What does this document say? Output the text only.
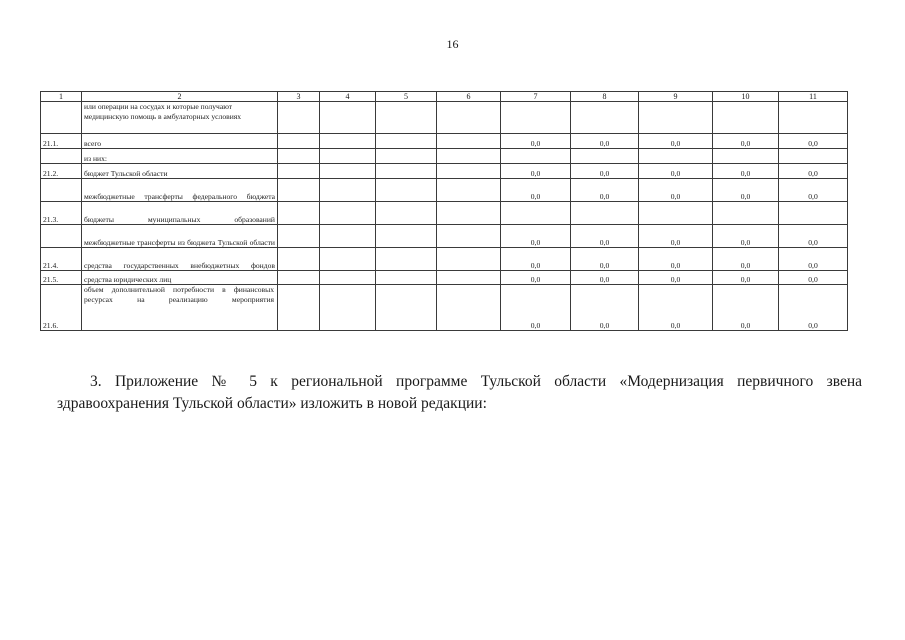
16
1	2	3	4	5	6	7	8	9	10	11	
	или операции на сосудах и которые получают медицинскую помощь в амбулаторных условиях										
21.1.	всего					0,0	0,0	0,0	0,0	0,0	
	из них:										
21.2.	бюджет Тульской области					0,0	0,0	0,0	0,0	0,0	
	межбюджетные трансферты федерального бюджета					0,0	0,0	0,0	0,0	0,0	
21.3.	бюджеты муниципальных образований										
	межбюджетные трансферты из бюджета Тульской области					0,0	0,0	0,0	0,0	0,0	
21.4.	средства государственных внебюджетных фондов					0,0	0,0	0,0	0,0	0,0	
21.5.	средства юридических лиц					0,0	0,0	0,0	0,0	0,0	
21.6.	объем дополнительной потребности в финансовых ресурсах на реализацию мероприятия					0,0	0,0	0,0	0,0	0,0	

3. Приложение № 5 к региональной программе Тульской области «Модернизация первичного звена здравоохранения Тульской области» изложить в новой редакции:
